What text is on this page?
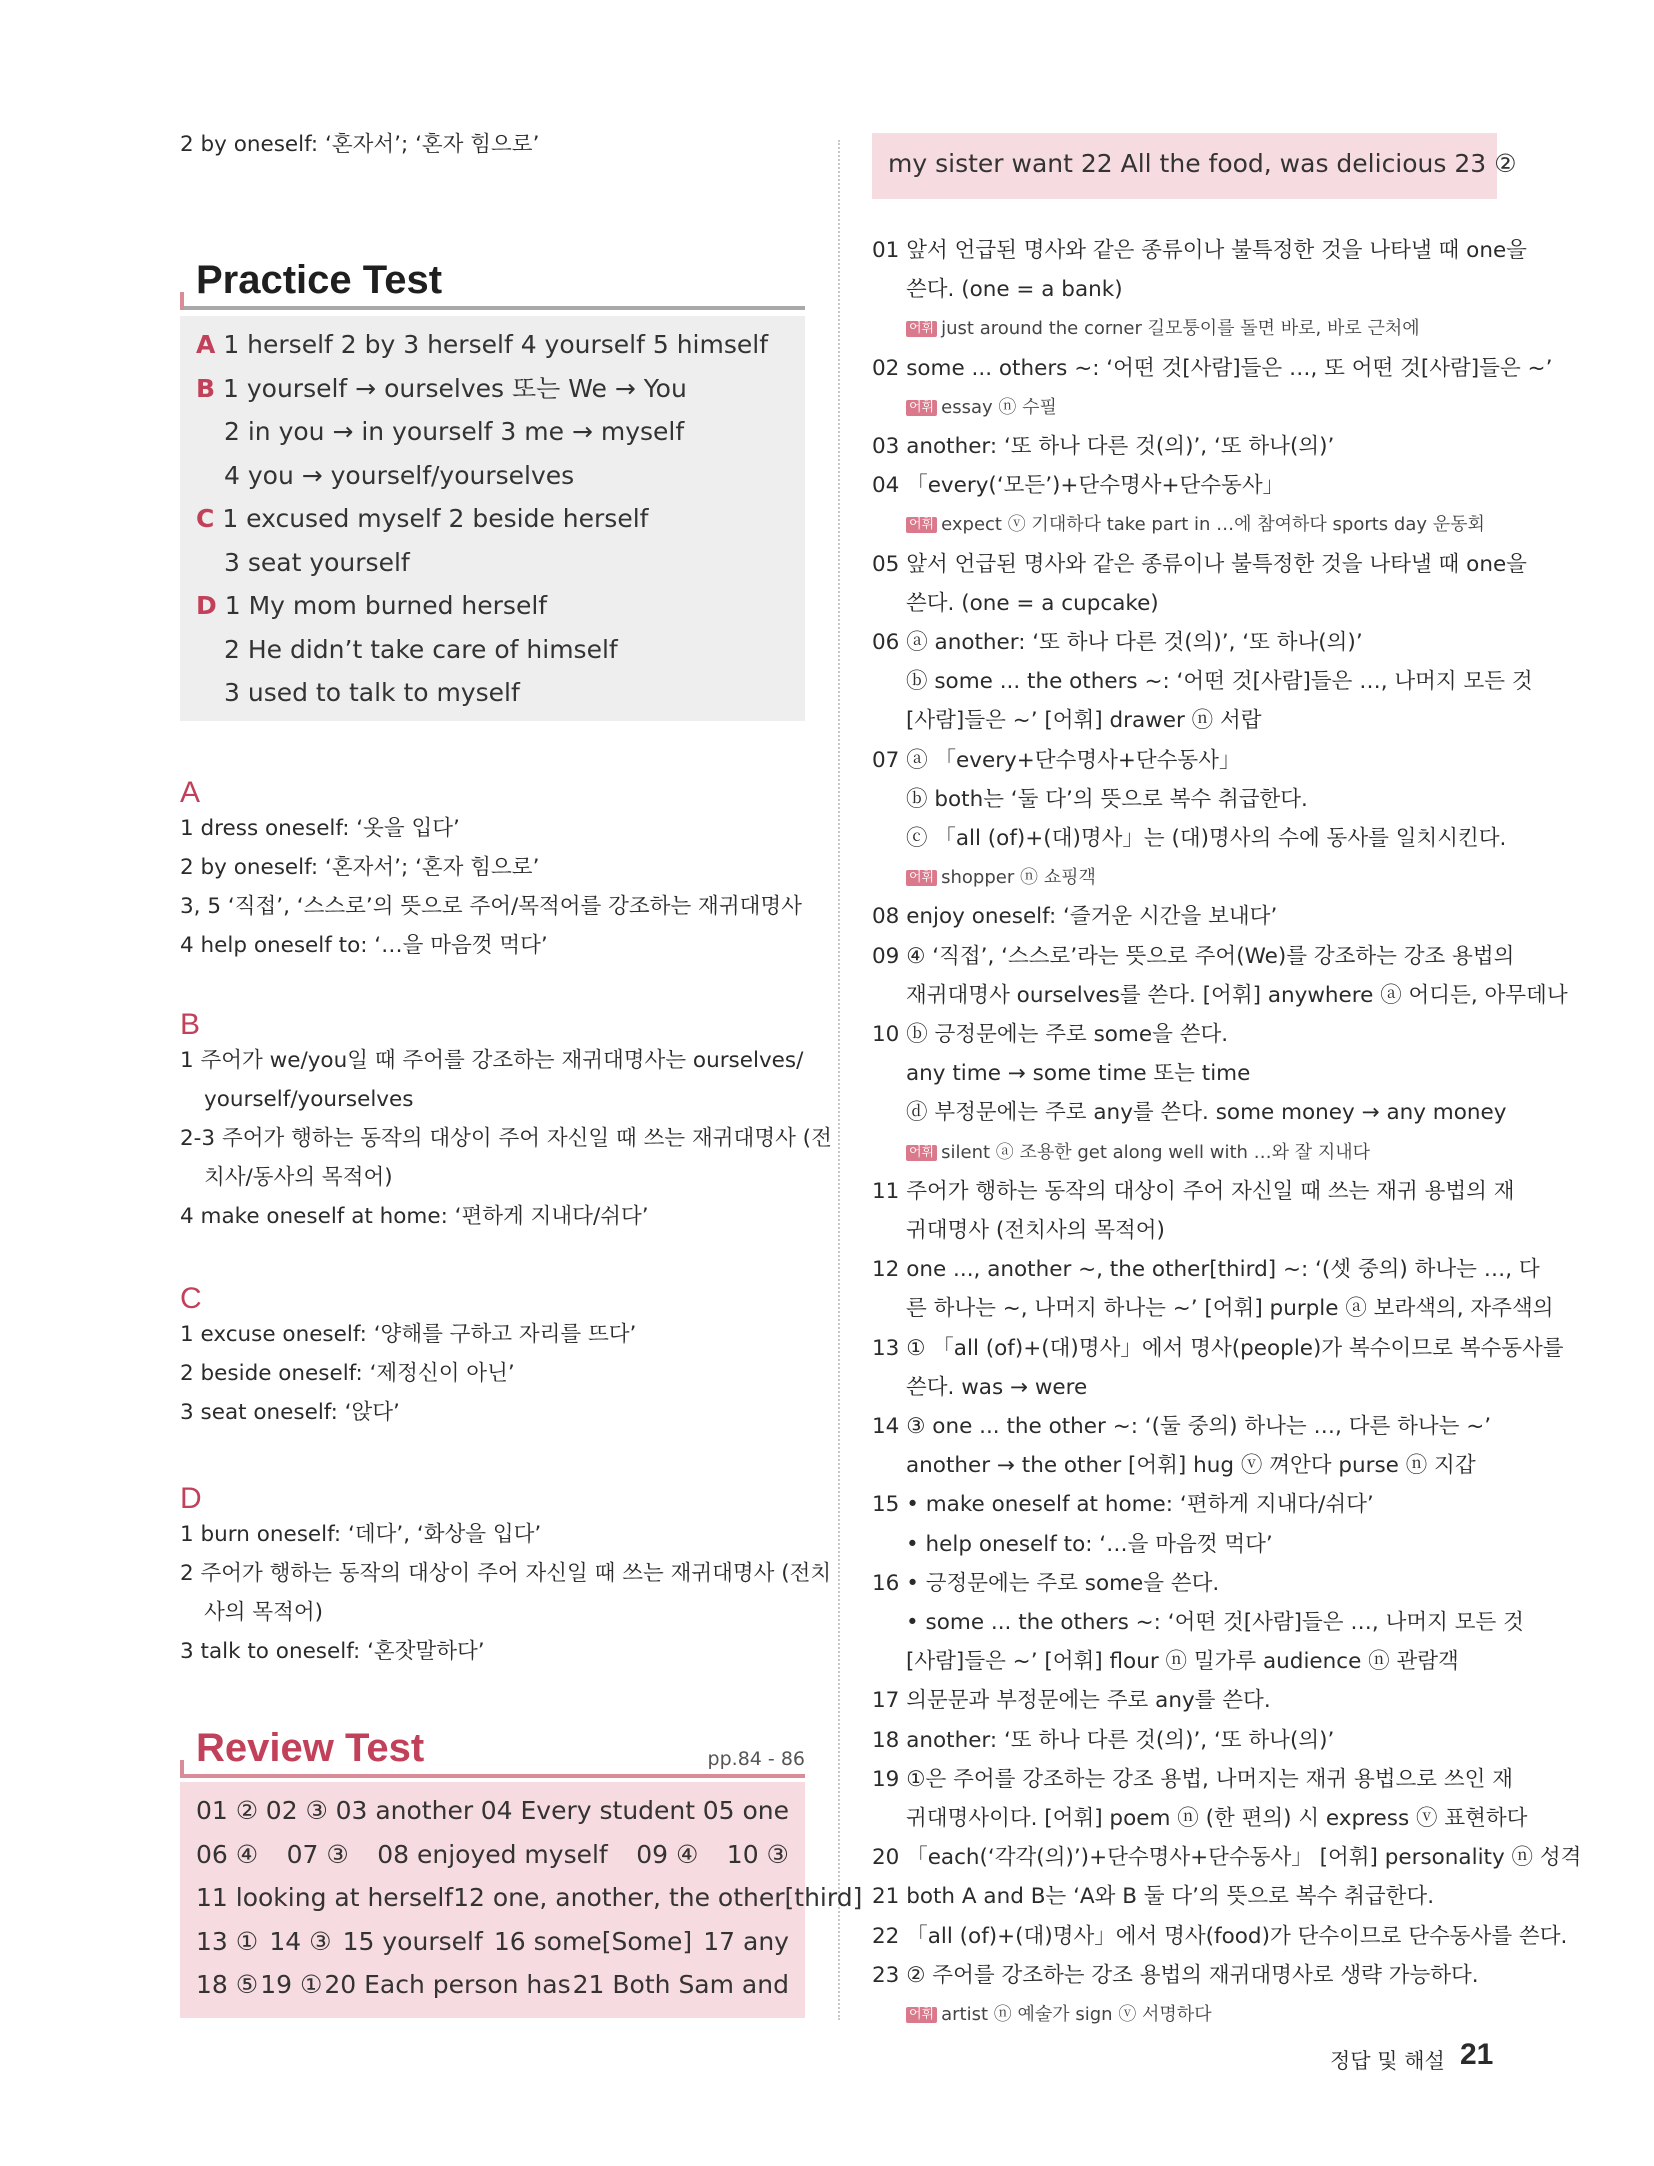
2 by oneself: ‘혼자서’; ‘혼자 힘으로’
Practice Test
A 1 herself 2 by 3 herself 4 yourself 5 himself
B 1 yourself → ourselves 또는 We → You
2 in you → in yourself 3 me → myself
4 you → yourself/yourselves
C 1 excused myself 2 beside herself
3 seat yourself
D 1 My mom burned herself
2 He didn’t take care of himself
3 used to talk to myself
A
1 dress oneself: ‘옷을 입다’
2 by oneself: ‘혼자서’; ‘혼자 힘으로’
3, 5 ‘직접’, ‘스스로’의 뜻으로 주어/목적어를 강조하는 재귀대명사
4 help oneself to: ‘…을 마음껏 먹다’
B
1 주어가 we/you일 때 주어를 강조하는 재귀대명사는 ourselves/
yourself/yourselves
2-3 주어가 행하는 동작의 대상이 주어 자신일 때 쓰는 재귀대명사 (전
치사/동사의 목적어)
4 make oneself at home: ‘편하게 지내다/쉬다’
C
1 excuse oneself: ‘양해를 구하고 자리를 뜨다’
2 beside oneself: ‘제정신이 아닌’
3 seat oneself: ‘앉다’
D
1 burn oneself: ‘데다’, ‘화상을 입다’
2 주어가 행하는 동작의 대상이 주어 자신일 때 쓰는 재귀대명사 (전치
사의 목적어)
3 talk to oneself: ‘혼잣말하다’
Review Test	pp.84 - 86
01 ② 02 ③ 03 another 04 Every student 05 one
06 ④ 07 ③ 08 enjoyed myself 09 ④ 10 ③
11 looking at herself 12 one, another, the other[third]
13 ① 14 ③ 15 yourself 16 some[Some] 17 any
18 ⑤ 19 ① 20 Each person has 21 Both Sam and
my sister want 22 All the food, was delicious 23 ②
01 앞서 언급된 명사와 같은 종류이나 불특정한 것을 나타낼 때 one을
쓴다. (one = a bank)
어휘 just around the corner 길모퉁이를 돌면 바로, 바로 근처에
02 some ... others ~: ‘어떤 것[사람]들은 …, 또 어떤 것[사람]들은 ~’
어휘 essay ⓝ 수필
03 another: ‘또 하나 다른 것(의)’, ‘또 하나(의)’
04 「every(‘모든’)+단수명사+단수동사」
어휘 expect ⓥ 기대하다 take part in …에 참여하다 sports day 운동회
05 앞서 언급된 명사와 같은 종류이나 불특정한 것을 나타낼 때 one을
쓴다. (one = a cupcake)
06 ⓐ another: ‘또 하나 다른 것(의)’, ‘또 하나(의)’
ⓑ some ... the others ~: ‘어떤 것[사람]들은 …, 나머지 모든 것
[사람]들은 ~’ [어휘] drawer ⓝ 서랍
07 ⓐ 「every+단수명사+단수동사」
ⓑ both는 ‘둘 다’의 뜻으로 복수 취급한다.
ⓒ 「all (of)+(대)명사」는 (대)명사의 수에 동사를 일치시킨다.
어휘 shopper ⓝ 쇼핑객
08 enjoy oneself: ‘즐거운 시간을 보내다’
09 ④ ‘직접’, ‘스스로’라는 뜻으로 주어(We)를 강조하는 강조 용법의
재귀대명사 ourselves를 쓴다. [어휘] anywhere ⓐ 어디든, 아무데나
10 ⓑ 긍정문에는 주로 some을 쓴다.
any time → some time 또는 time
ⓓ 부정문에는 주로 any를 쓴다. some money → any money
어휘 silent ⓐ 조용한 get along well with …와 잘 지내다
11 주어가 행하는 동작의 대상이 주어 자신일 때 쓰는 재귀 용법의 재
귀대명사 (전치사의 목적어)
12 one ..., another ~, the other[third] ~: ‘(셋 중의) 하나는 …, 다
른 하나는 ~, 나머지 하나는 ~’ [어휘] purple ⓐ 보라색의, 자주색의
13 ① 「all (of)+(대)명사」에서 명사(people)가 복수이므로 복수동사를
쓴다. was → were
14 ③ one ... the other ~: ‘(둘 중의) 하나는 …, 다른 하나는 ~’
another → the other [어휘] hug ⓥ 껴안다 purse ⓝ 지갑
15 • make oneself at home: ‘편하게 지내다/쉬다’
• help oneself to: ‘…을 마음껏 먹다’
16 • 긍정문에는 주로 some을 쓴다.
• some ... the others ~: ‘어떤 것[사람]들은 …, 나머지 모든 것
[사람]들은 ~’ [어휘] flour ⓝ 밀가루 audience ⓝ 관람객
17 의문문과 부정문에는 주로 any를 쓴다.
18 another: ‘또 하나 다른 것(의)’, ‘또 하나(의)’
19 ①은 주어를 강조하는 강조 용법, 나머지는 재귀 용법으로 쓰인 재
귀대명사이다. [어휘] poem ⓝ (한 편의) 시 express ⓥ 표현하다
20 「each(‘각각(의)’)+단수명사+단수동사」 [어휘] personality ⓝ 성격
21 both A and B는 ‘A와 B 둘 다’의 뜻으로 복수 취급한다.
22 「all (of)+(대)명사」에서 명사(food)가 단수이므로 단수동사를 쓴다.
23 ② 주어를 강조하는 강조 용법의 재귀대명사로 생략 가능하다.
어휘 artist ⓝ 예술가 sign ⓥ 서명하다
정답 및 해설 21
